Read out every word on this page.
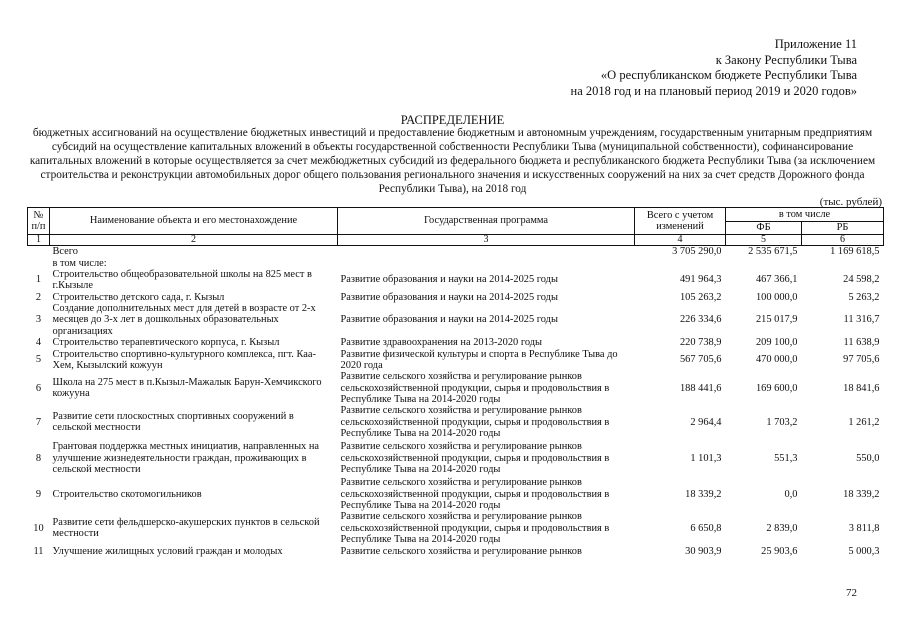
Приложение 11
к Закону Республики Тыва
«О республиканском бюджете Республики Тыва
на 2018 год и на плановый период 2019 и 2020 годов»
РАСПРЕДЕЛЕНИЕ
бюджетных ассигнований на осуществление бюджетных инвестиций и предоставление бюджетным и автономным учреждениям, государственным унитарным предприятиям субсидий на осуществление капитальных вложений в объекты государственной собственности Республики Тыва (муниципальной собственности), софинансирование капитальных вложений в которые осуществляется за счет межбюджетных субсидий из федерального бюджета и республиканского бюджета Республики Тыва (за исключением строительства и реконструкции автомобильных дорог общего пользования регионального значения и искусственных сооружений на них за счет средств Дорожного фонда Республики Тыва), на 2018 год
(тыс. рублей)
№ п/п	Наименование объекта и его местонахождение	Государственная программа	Всего с учетом изменений	в том числе	
				ФБ	РБ
1	2	3	4	5	6
	Всего		3 705 290,0	2 535 671,5	1 169 618,5
	в том числе:				
1	Строительство общеобразовательной школы на 825 мест в г.Кызыле	Развитие образования и науки на 2014-2025 годы	491 964,3	467 366,1	24 598,2
2	Строительство детского сада, г. Кызыл	Развитие образования и науки на 2014-2025 годы	105 263,2	100 000,0	5 263,2
3	Создание дополнительных мест для детей в возрасте от 2-х месяцев до 3-х лет в дошкольных образовательных организациях	Развитие образования и науки на 2014-2025 годы	226 334,6	215 017,9	11 316,7
4	Строительство терапевтического корпуса, г. Кызыл	Развитие здравоохранения на 2013-2020 годы	220 738,9	209 100,0	11 638,9
5	Строительство спортивно-культурного комплекса, пгт. Каа-Хем, Кызылский кожуун	Развитие физической культуры и спорта в Республике Тыва до 2020 года	567 705,6	470 000,0	97 705,6
6	Школа на 275 мест в п.Кызыл-Мажалык Барун-Хемчикского кожууна	Развитие сельского хозяйства и регулирование рынков сельскохозяйственной продукции, сырья и продовольствия в Республике Тыва на 2014-2020 годы	188 441,6	169 600,0	18 841,6
7	Развитие сети плоскостных спортивных сооружений в сельской местности	Развитие сельского хозяйства и регулирование рынков сельскохозяйственной продукции, сырья и продовольствия в Республике Тыва на 2014-2020 годы	2 964,4	1 703,2	1 261,2
8	Грантовая поддержка местных инициатив, направленных на улучшение жизнедеятельности граждан, проживающих в сельской местности	Развитие сельского хозяйства и регулирование рынков сельскохозяйственной продукции, сырья и продовольствия в Республике Тыва на 2014-2020 годы	1 101,3	551,3	550,0
9	Строительство скотомогильников	Развитие сельского хозяйства и регулирование рынков сельскохозяйственной продукции, сырья и продовольствия в Республике Тыва на 2014-2020 годы	18 339,2	0,0	18 339,2
10	Развитие сети фельдшерско-акушерских пунктов в сельской местности	Развитие сельского хозяйства и регулирование рынков сельскохозяйственной продукции, сырья и продовольствия в Республике Тыва на 2014-2020 годы	6 650,8	2 839,0	3 811,8
11	Улучшение жилищных условий граждан и молодых	Развитие сельского хозяйства и регулирование рынков	30 903,9	25 903,6	5 000,3
72
